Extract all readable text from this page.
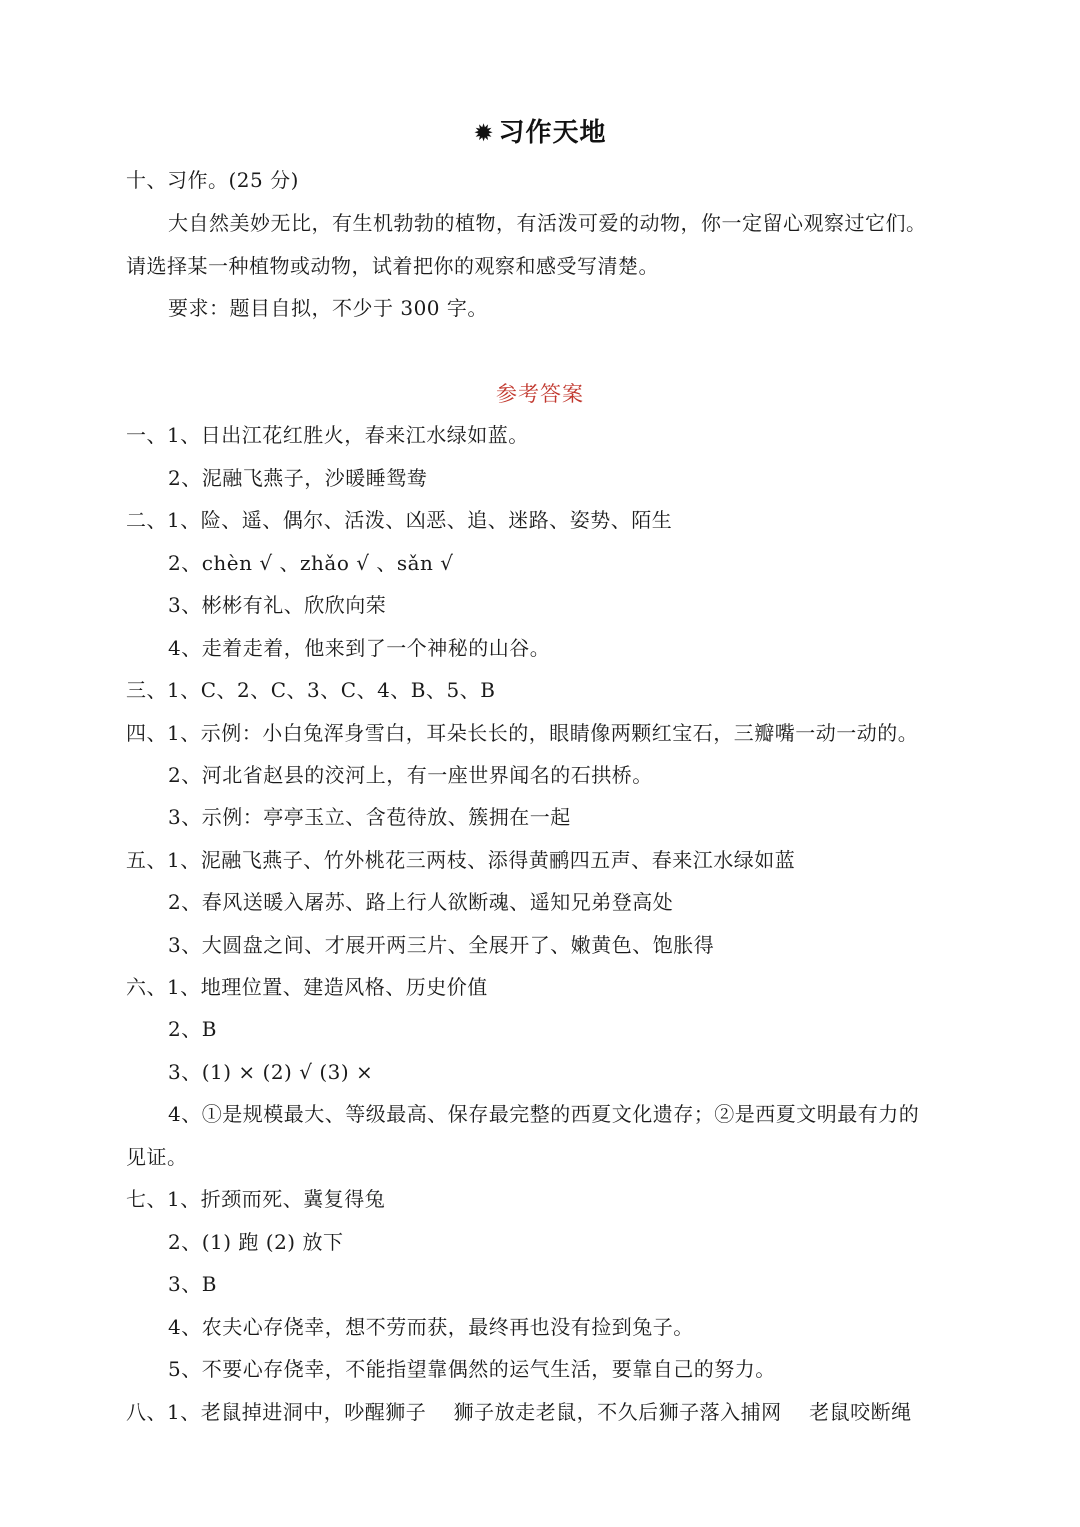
✹ 习作天地
十、习作。(25 分)
大自然美妙无比，有生机勃勃的植物，有活泼可爱的动物，你一定留心观察过它们。
请选择某一种植物或动物，试着把你的观察和感受写清楚。
要求：题目自拟，不少于 300 字。
参考答案
一、1、日出江花红胜火，春来江水绿如蓝。
2、泥融飞燕子，沙暖睡鸳鸯
二、1、险、遥、偶尔、活泼、凶恶、追、迷路、姿势、陌生
2、chèn √ 、zhǎo √ 、sǎn √
3、彬彬有礼、欣欣向荣
4、走着走着，他来到了一个神秘的山谷。
三、1、C、2、C、3、C、4、B、5、B
四、1、示例：小白兔浑身雪白，耳朵长长的，眼睛像两颗红宝石，三瓣嘴一动一动的。
2、河北省赵县的洨河上，有一座世界闻名的石拱桥。
3、示例：亭亭玉立、含苞待放、簇拥在一起
五、1、泥融飞燕子、竹外桃花三两枝、添得黄鹂四五声、春来江水绿如蓝
2、春风送暖入屠苏、路上行人欲断魂、遥知兄弟登高处
3、大圆盘之间、才展开两三片、全展开了、嫩黄色、饱胀得
六、1、地理位置、建造风格、历史价值
2、B
3、(1) × (2) √ (3) ×
4、①是规模最大、等级最高、保存最完整的西夏文化遗存；②是西夏文明最有力的
见证。
七、1、折颈而死、冀复得兔
2、(1) 跑 (2) 放下
3、B
4、农夫心存侥幸，想不劳而获，最终再也没有捡到兔子。
5、不要心存侥幸，不能指望靠偶然的运气生活，要靠自己的努力。
八、1、老鼠掉进洞中，吵醒狮子    狮子放走老鼠，不久后狮子落入捕网    老鼠咬断绳
